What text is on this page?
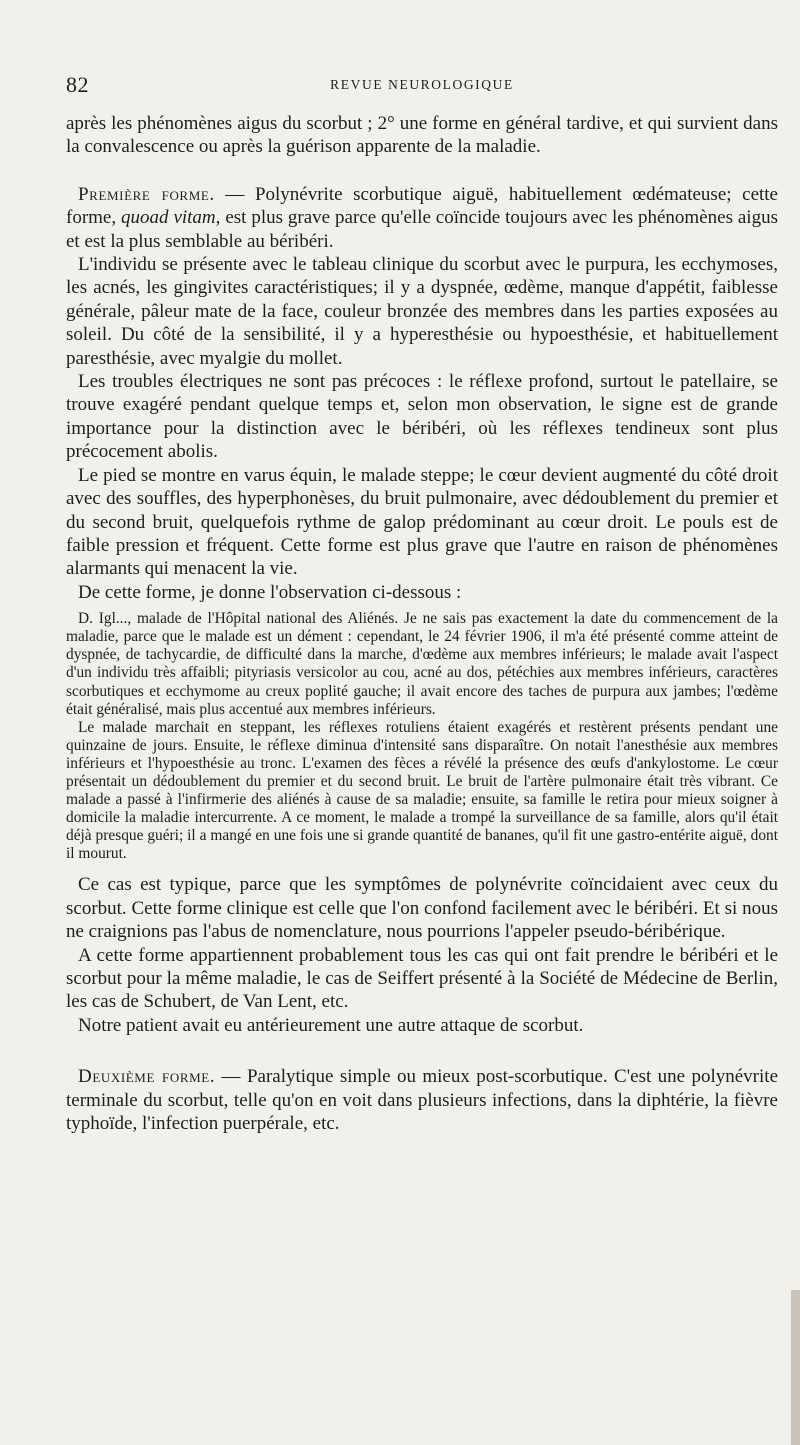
82	REVUE NEUROLOGIQUE

après les phénomènes aigus du scorbut ; 2° une forme en général tardive, et qui survient dans la convalescence ou après la guérison apparente de la maladie.

Première forme. — Polynévrite scorbutique aiguë, habituellement œdémateuse; cette forme, quoad vitam, est plus grave parce qu'elle coïncide toujours avec les phénomènes aigus et est la plus semblable au béribéri.

L'individu se présente avec le tableau clinique du scorbut avec le purpura, les ecchymoses, les acnés, les gingivites caractéristiques; il y a dyspnée, œdème, manque d'appétit, faiblesse générale, pâleur mate de la face, couleur bronzée des membres dans les parties exposées au soleil. Du côté de la sensibilité, il y a hyperesthésie ou hypoesthésie, et habituellement paresthésie, avec myalgie du mollet.

Les troubles électriques ne sont pas précoces : le réflexe profond, surtout le patellaire, se trouve exagéré pendant quelque temps et, selon mon observation, le signe est de grande importance pour la distinction avec le béribéri, où les réflexes tendineux sont plus précocement abolis.

Le pied se montre en varus équin, le malade steppe; le cœur devient augmenté du côté droit avec des souffles, des hyperphonèses, du bruit pulmonaire, avec dédoublement du premier et du second bruit, quelquefois rythme de galop prédominant au cœur droit. Le pouls est de faible pression et fréquent. Cette forme est plus grave que l'autre en raison de phénomènes alarmants qui menacent la vie.

De cette forme, je donne l'observation ci-dessous :

D. Igl..., malade de l'Hôpital national des Aliénés. Je ne sais pas exactement la date du commencement de la maladie, parce que le malade est un dément : cependant, le 24 février 1906, il m'a été présenté comme atteint de dyspnée, de tachycardie, de difficulté dans la marche, d'œdème aux membres inférieurs; le malade avait l'aspect d'un individu très affaibli; pityriasis versicolor au cou, acné au dos, pétéchies aux membres inférieurs, caractères scorbutiques et ecchymome au creux poplité gauche; il avait encore des taches de purpura aux jambes; l'œdème était généralisé, mais plus accentué aux membres inférieurs.

Le malade marchait en steppant, les réflexes rotuliens étaient exagérés et restèrent présents pendant une quinzaine de jours. Ensuite, le réflexe diminua d'intensité sans disparaître. On notait l'anesthésie aux membres inférieurs et l'hypoesthésie au tronc. L'examen des fèces a révélé la présence des œufs d'ankylostome. Le cœur présentait un dédoublement du premier et du second bruit. Le bruit de l'artère pulmonaire était très vibrant. Ce malade a passé à l'infirmerie des aliénés à cause de sa maladie; ensuite, sa famille le retira pour mieux soigner à domicile la maladie intercurrente. A ce moment, le malade a trompé la surveillance de sa famille, alors qu'il était déjà presque guéri; il a mangé en une fois une si grande quantité de bananes, qu'il fit une gastro-entérite aiguë, dont il mourut.

Ce cas est typique, parce que les symptômes de polynévrite coïncidaient avec ceux du scorbut. Cette forme clinique est celle que l'on confond facilement avec le béribéri. Et si nous ne craignions pas l'abus de nomenclature, nous pourrions l'appeler pseudo-béribérique.

A cette forme appartiennent probablement tous les cas qui ont fait prendre le béribéri et le scorbut pour la même maladie, le cas de Seiffert présenté à la Société de Médecine de Berlin, les cas de Schubert, de Van Lent, etc.

Notre patient avait eu antérieurement une autre attaque de scorbut.

Deuxième forme. — Paralytique simple ou mieux post-scorbutique. C'est une polynévrite terminale du scorbut, telle qu'on en voit dans plusieurs infections, dans la diphtérie, la fièvre typhoïde, l'infection puerpérale, etc.
